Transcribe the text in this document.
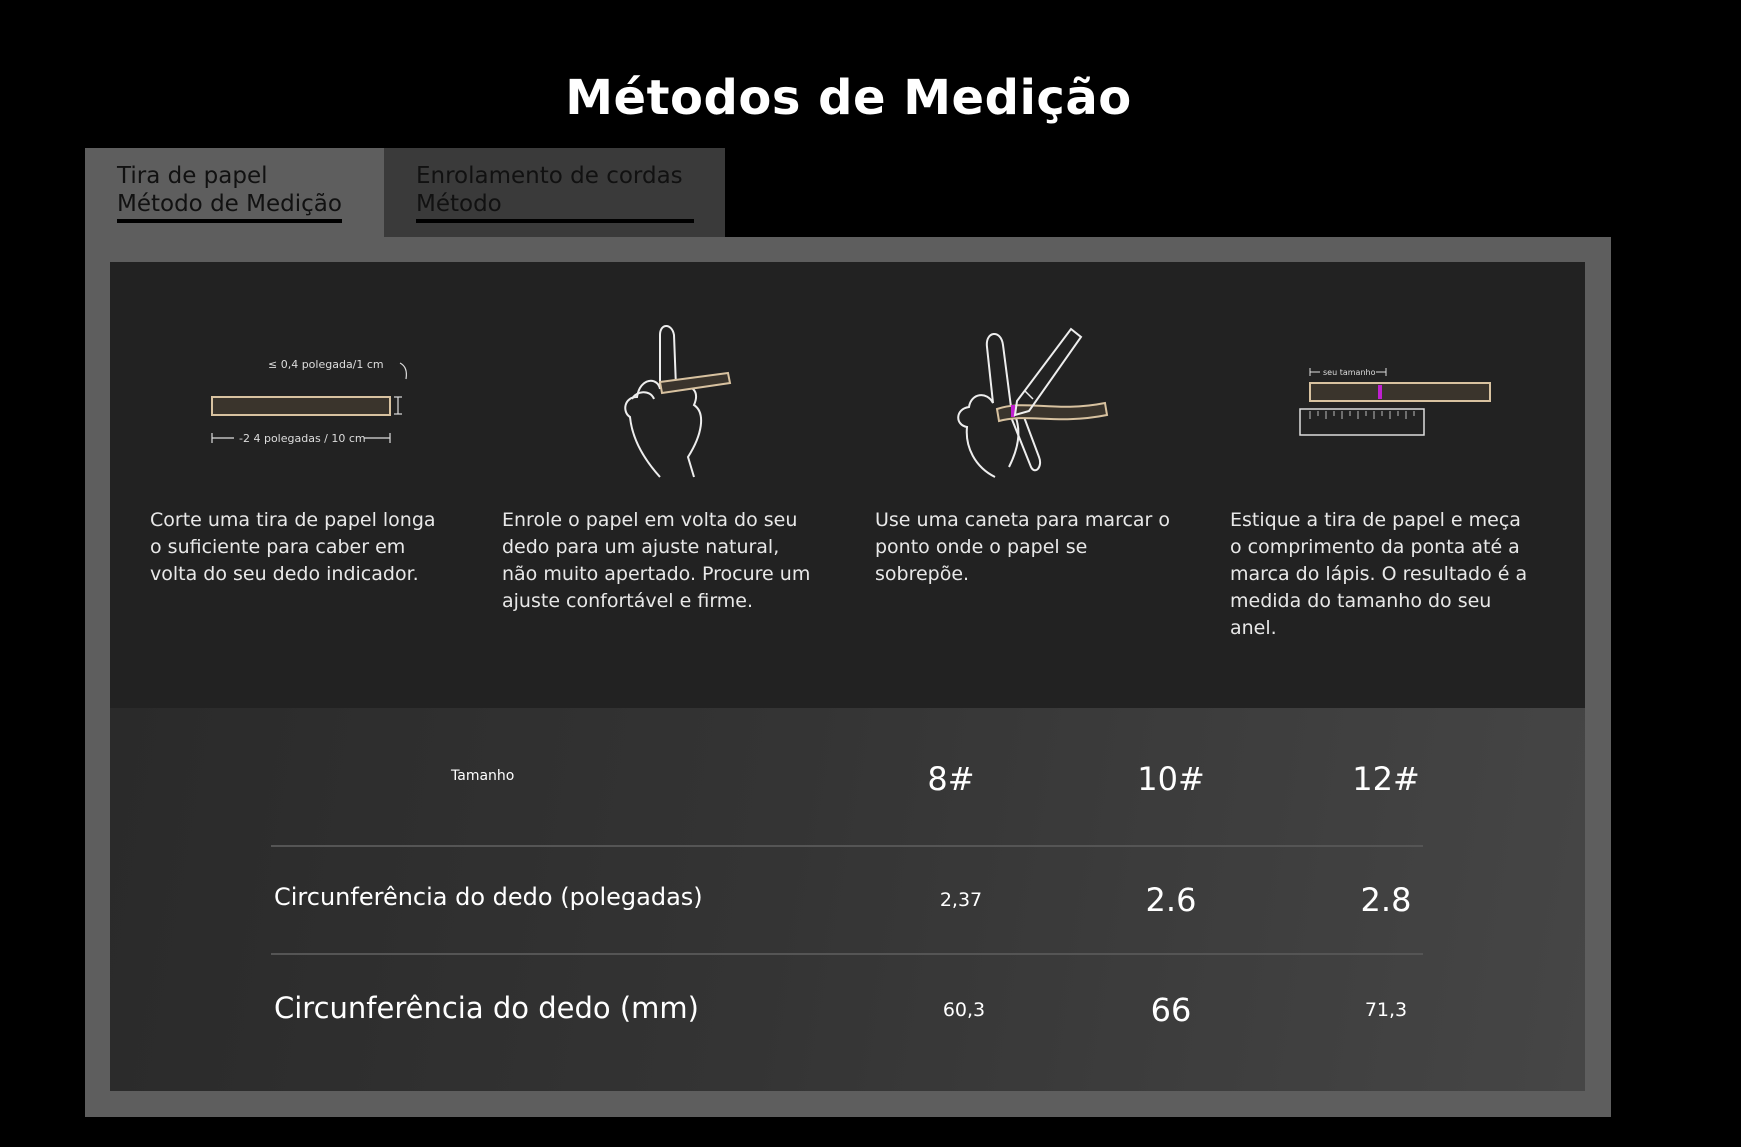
Métodos de Medição
Tira de papel
Método de Medição
Enrolamento de cordas
Método
≤ 0,4 polegada/1 cm
-2 4 polegadas / 10 cm
Corte uma tira de papel longa o suficiente para caber em volta do seu dedo indicador.
Enrole o papel em volta do seu dedo para um ajuste natural, não muito apertado. Procure um ajuste confortável e firme.
Use uma caneta para marcar o ponto onde o papel se sobrepõe.
seu tamanho
Estique a tira de papel e meça o comprimento da ponta até a marca do lápis. O resultado é a medida do tamanho do seu anel.
Tamanho	8#	10#	12#
Circunferência do dedo (polegadas)	2,37	2.6	2.8
Circunferência do dedo (mm)	60,3	66	71,3
